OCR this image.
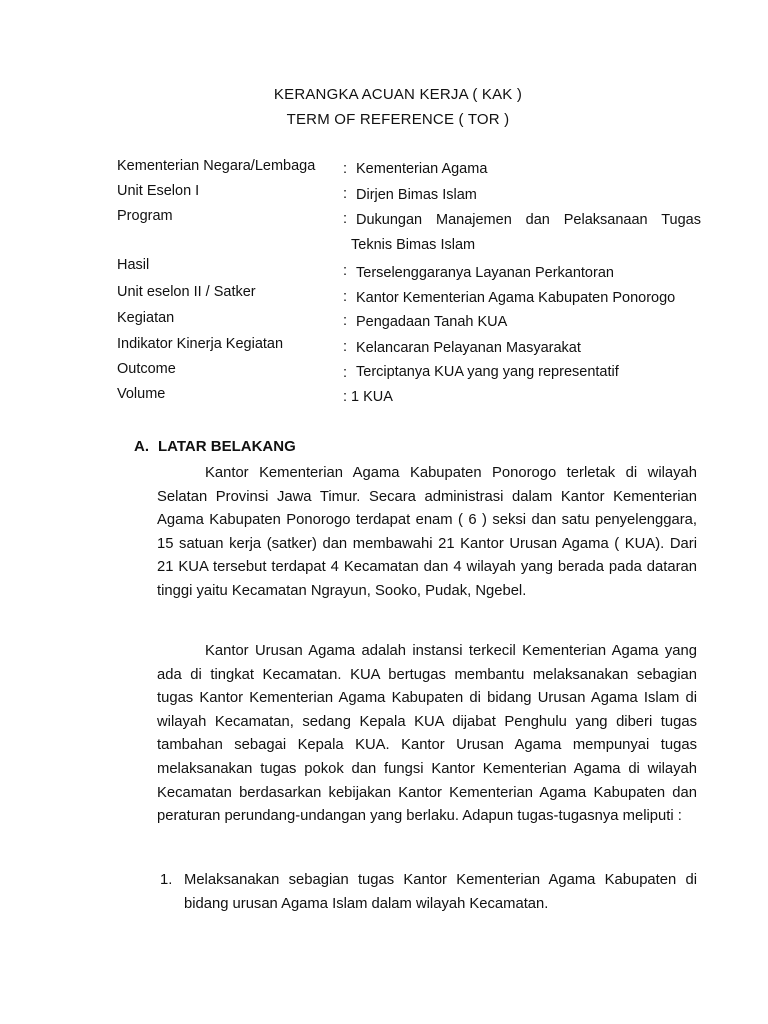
KERANGKA ACUAN KERJA ( KAK )
TERM OF REFERENCE ( TOR )
Kementerian Negara/Lembaga : Kementerian Agama
Unit Eselon I	: Dirjen Bimas Islam
Program	: Dukungan Manajemen dan Pelaksanaan Tugas
Teknis Bimas Islam
Hasil	: Terselenggaranya Layanan Perkantoran
Unit eselon II / Satker	: Kantor Kementerian Agama Kabupaten Ponorogo
Kegiatan	: Pengadaan Tanah KUA
Indikator Kinerja Kegiatan	: Kelancaran Pelayanan Masyarakat
Outcome	: Terciptanya KUA yang yang representatif
Volume	: 1 KUA
A. LATAR BELAKANG

Kantor Kementerian Agama Kabupaten Ponorogo terletak di wilayah Selatan Provinsi Jawa Timur. Secara administrasi dalam Kantor Kementerian Agama Kabupaten Ponorogo terdapat enam ( 6 ) seksi dan satu penyelenggara, 15 satuan kerja (satker) dan membawahi 21 Kantor Urusan Agama ( KUA). Dari 21 KUA tersebut terdapat 4 Kecamatan dan 4 wilayah yang berada pada dataran tinggi yaitu Kecamatan Ngrayun, Sooko, Pudak, Ngebel.

Kantor Urusan Agama adalah instansi terkecil Kementerian Agama yang ada di tingkat Kecamatan. KUA bertugas membantu melaksanakan sebagian tugas Kantor Kementerian Agama Kabupaten di bidang Urusan Agama Islam di wilayah Kecamatan, sedang Kepala KUA dijabat Penghulu yang diberi tugas tambahan sebagai Kepala KUA. Kantor Urusan Agama mempunyai tugas melaksanakan tugas pokok dan fungsi Kantor Kementerian Agama di wilayah Kecamatan berdasarkan kebijakan Kantor Kementerian Agama Kabupaten dan peraturan perundang-undangan yang berlaku. Adapun tugas-tugasnya meliputi :

1. Melaksanakan sebagian tugas Kantor Kementerian Agama Kabupaten di bidang urusan Agama Islam dalam wilayah Kecamatan.
